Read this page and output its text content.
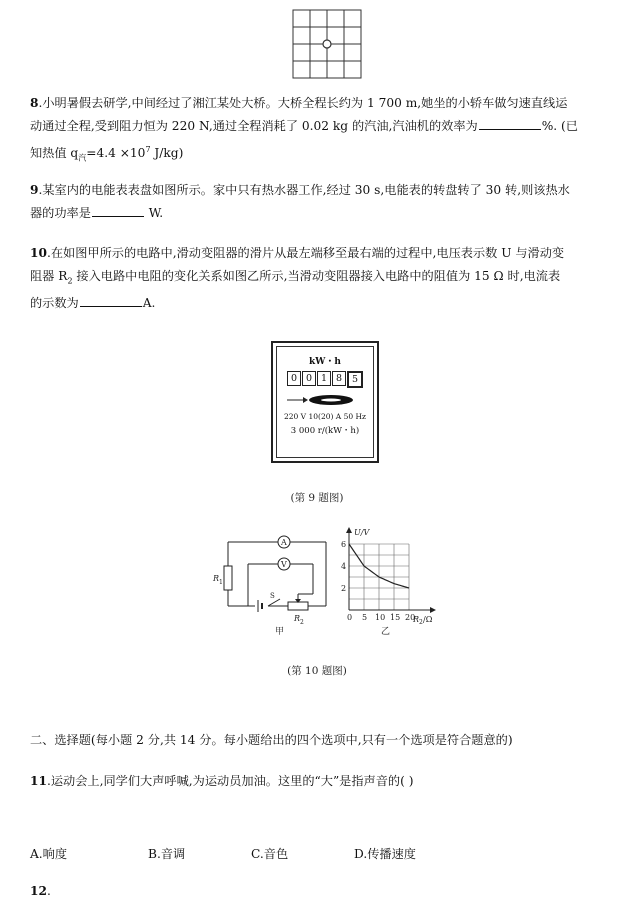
8.小明暑假去研学,中间经过了湘江某处大桥。大桥全程长约为 1 700 m,她坐的小轿车做匀速直线运
动通过全程,受到阻力恒为 220 N,通过全程消耗了 0.02 kg 的汽油,汽油机的效率为	%. (已
知热值 $q_汽=4.4 \times 10^7$ J/kg)
9.某室内的电能表表盘如图所示。家中只有热水器工作,经过 30 s,电能表的转盘转了 30 转,则该热水
器的功率是	W.
10.在如图甲所示的电路中,滑动变阻器的滑片从最左端移至最右端的过程中,电压表示数 U 与滑动变
阻器 $R_2$ 接入电路中电阻的变化关系如图乙所示,当滑动变阻器接入电路中的阻值为 15 Ω 时,电流表
的示数为	A.
kW・h
0 0 1 8	5
220 V 10(20) A 50 Hz
3 000 r/(kW・h)
(第 9 题图)
A
V
R 1
S
R 2
甲
0 5 10 15 20
2
4
6
U/V
R 2 /Ω
乙
(第 10 题图)
二、选择题(每小题 2 分,共 14 分。每小题给出的四个选项中,只有一个选项是符合题意的)
11.运动会上,同学们大声呼喊,为运动员加油。这里的“大”是指声音的( )
A.响度	B.音调	C.音色	D.传播速度
12.
